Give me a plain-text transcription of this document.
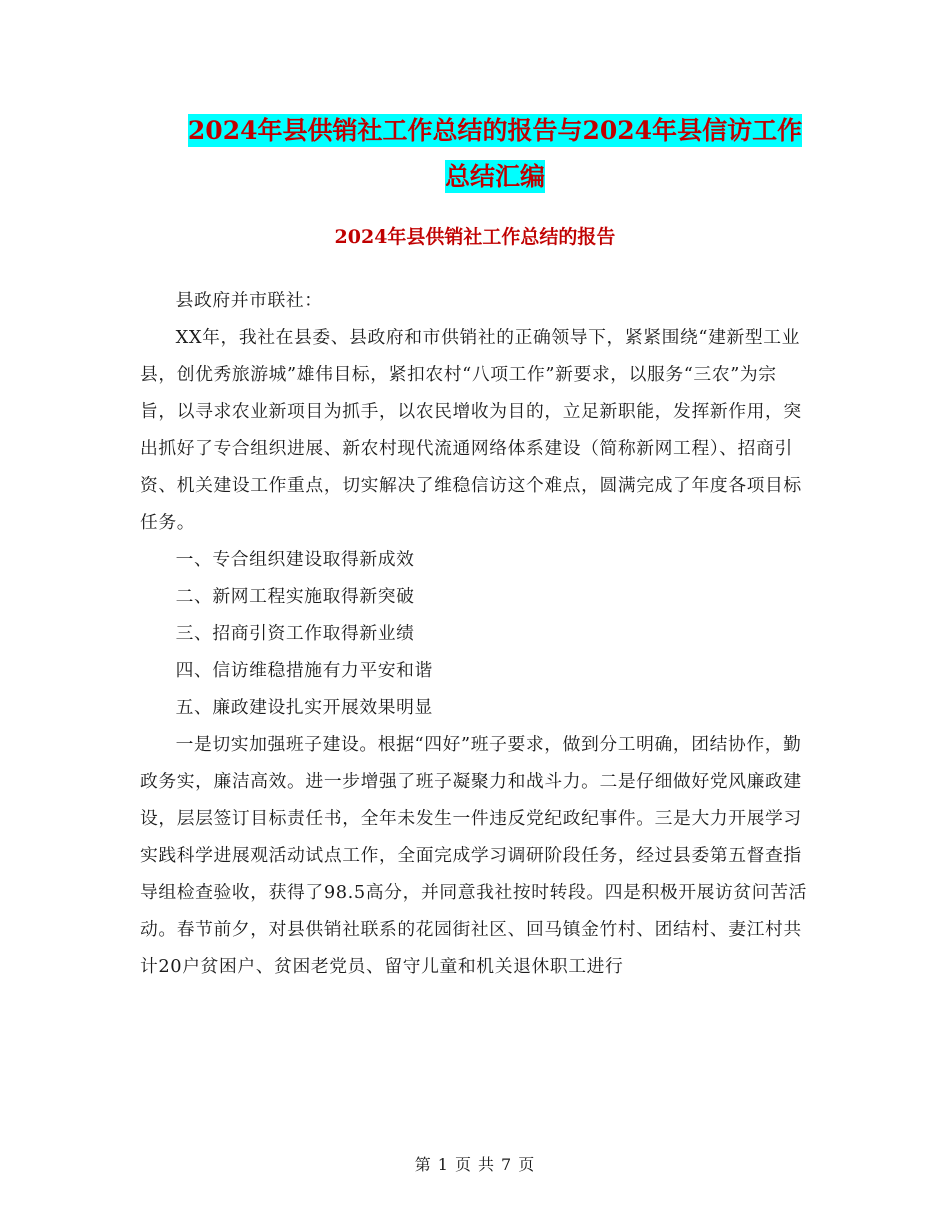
2024年县供销社工作总结的报告与2024年县信访工作
总结汇编
2024年县供销社工作总结的报告

县政府并市联社：

XX年，我社在县委、县政府和市供销社的正确领导下，紧紧围绕“建新型工业县，创优秀旅游城”雄伟目标，紧扣农村“八项工作”新要求，以服务“三农”为宗旨，以寻求农业新项目为抓手，以农民增收为目的，立足新职能，发挥新作用，突出抓好了专合组织进展、新农村现代流通网络体系建设（简称新网工程）、招商引资、机关建设工作重点，切实解决了维稳信访这个难点，圆满完成了年度各项目标任务。

一、专合组织建设取得新成效

二、新网工程实施取得新突破

三、招商引资工作取得新业绩

四、信访维稳措施有力平安和谐

五、廉政建设扎实开展效果明显

一是切实加强班子建设。根据“四好”班子要求，做到分工明确，团结协作，勤政务实，廉洁高效。进一步增强了班子凝聚力和战斗力。二是仔细做好党风廉政建设，层层签订目标责任书，全年未发生一件违反党纪政纪事件。三是大力开展学习实践科学进展观活动试点工作，全面完成学习调研阶段任务，经过县委第五督查指导组检查验收，获得了98.5高分，并同意我社按时转段。四是积极开展访贫问苦活动。春节前夕，对县供销社联系的花园街社区、回马镇金竹村、团结村、妻江村共计20户贫困户、贫困老党员、留守儿童和机关退休职工进行

第 1 页 共 7 页
